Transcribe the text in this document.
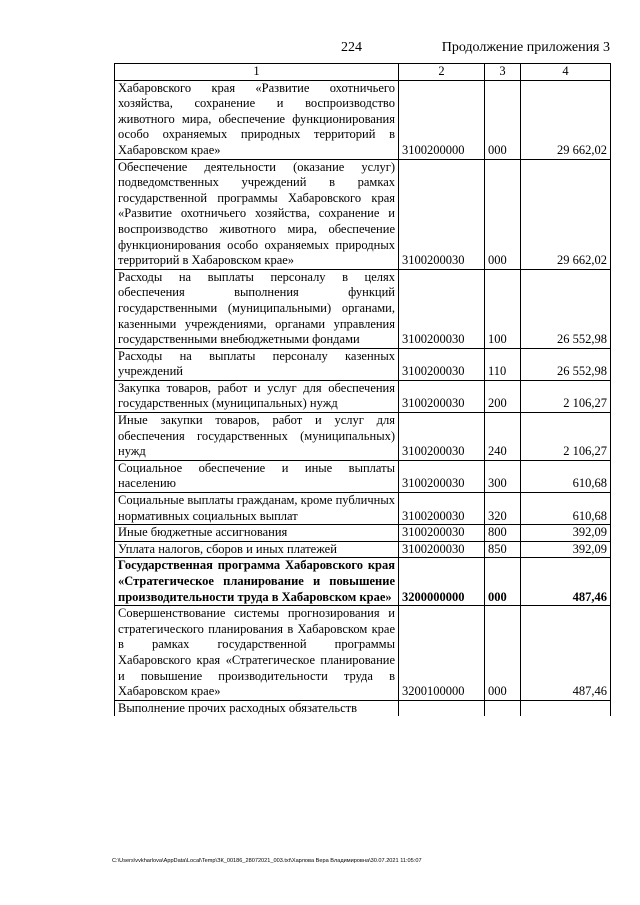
224	Продолжение приложения 3
1	2	3	4
Хабаровского края «Развитие охотничьего хозяйства, сохранение и воспроизводство животного мира, обеспечение функционирования особо охраняемых природных территорий в Хабаровском крае»	3100200000	000	29 662,02
Обеспечение деятельности (оказание услуг) подведомственных учреждений в рамках государственной программы Хабаровского края «Развитие охотничьего хозяйства, сохранение и воспроизводство животного мира, обеспечение функционирования особо охраняемых природных территорий в Хабаровском крае»	3100200030	000	29 662,02
Расходы на выплаты персоналу в целях обеспечения выполнения функций государственными (муниципальными) органами, казенными учреждениями, органами управления государственными внебюджетными фондами	3100200030	100	26 552,98
Расходы на выплаты персоналу казенных учреждений	3100200030	110	26 552,98
Закупка товаров, работ и услуг для обеспечения государственных (муниципальных) нужд	3100200030	200	2 106,27
Иные закупки товаров, работ и услуг для обеспечения государственных (муниципальных) нужд	3100200030	240	2 106,27
Социальное обеспечение и иные выплаты населению	3100200030	300	610,68
Социальные выплаты гражданам, кроме публичных нормативных социальных выплат	3100200030	320	610,68
Иные бюджетные ассигнования	3100200030	800	392,09
Уплата налогов, сборов и иных платежей	3100200030	850	392,09
Государственная программа Хабаровского края «Стратегическое планирование и повышение производительности труда в Хабаровском крае»	3200000000	000	487,46
Совершенствование системы прогнозирования и стратегического планирования в Хабаровском крае в рамках государственной программы Хабаровского края «Стратегическое планирование и повышение производительности труда в Хабаровском крае»	3200100000	000	487,46
Выполнение прочих расходных обязательств			
C:\Users\vvkharlova\AppData\Local\Temp\ЗК_00186_28072021_003.txt\Харлова Вера Владимировна\30.07.2021 11:05:07
